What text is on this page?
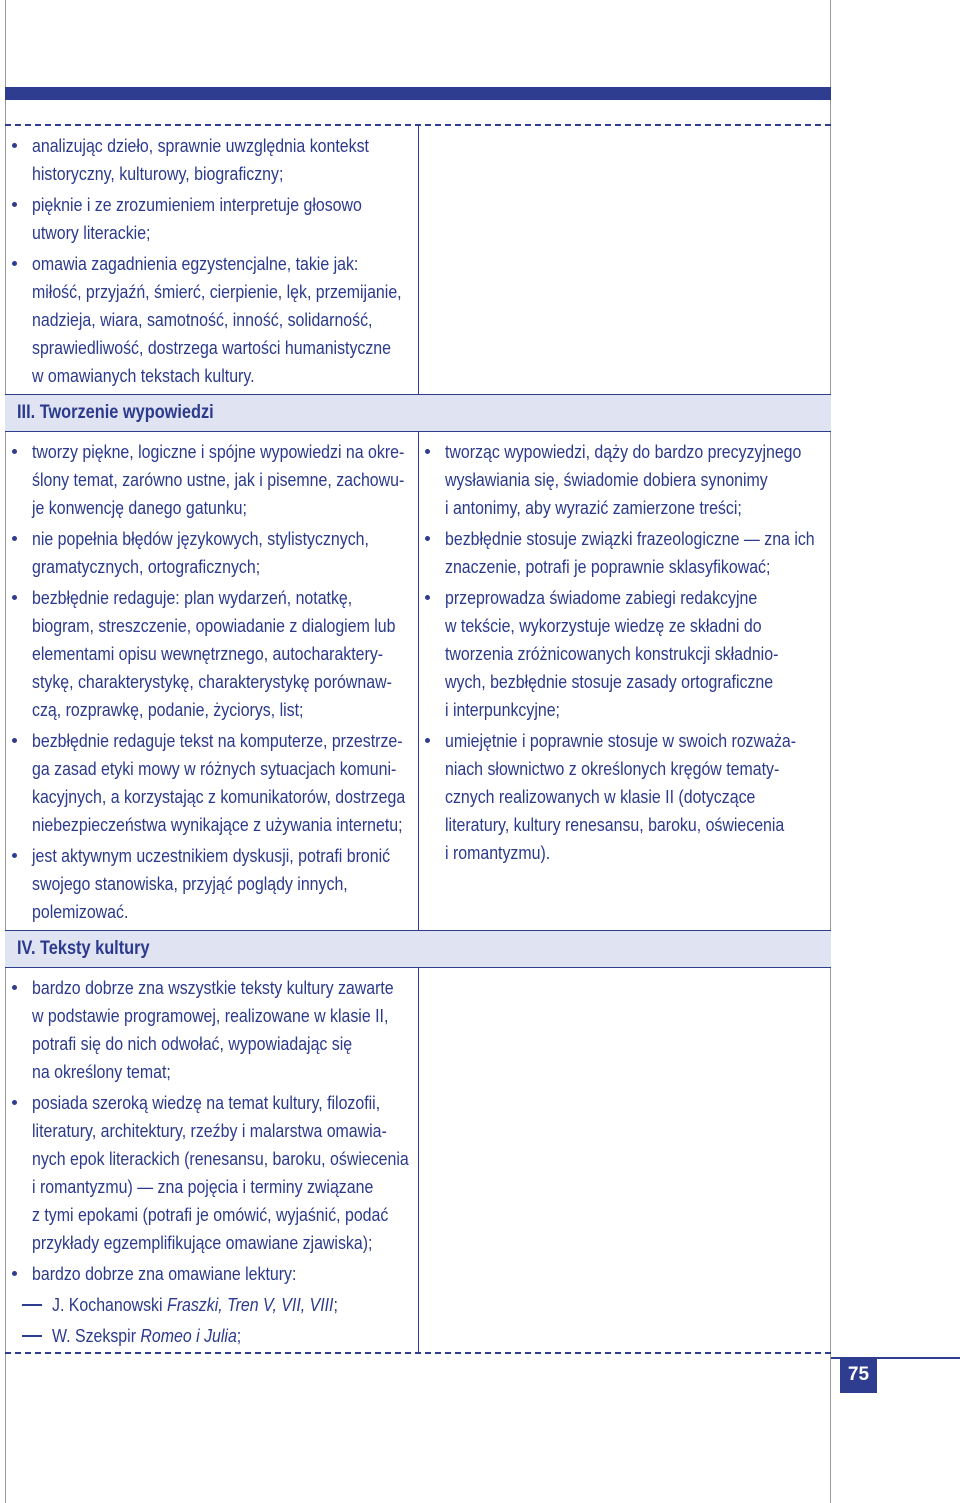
analizując dzieło, sprawnie uwzględnia kontekst
historyczny, kulturowy, biograficzny;
pięknie i ze zrozumieniem interpretuje głosowo
utwory literackie;
omawia zagadnienia egzystencjalne, takie jak:
miłość, przyjaźń, śmierć, cierpienie, lęk, przemijanie,
nadzieja, wiara, samotność, inność, solidarność,
sprawiedliwość, dostrzega wartości humanistyczne
w omawianych tekstach kultury.
III. Tworzenie wypowiedzi
tworzy piękne, logiczne i spójne wypowiedzi na okre-
ślony temat, zarówno ustne, jak i pisemne, zachowu-
je konwencję danego gatunku;
nie popełnia błędów językowych, stylistycznych,
gramatycznych, ortograficznych;
bezbłędnie redaguje: plan wydarzeń, notatkę,
biogram, streszczenie, opowiadanie z dialogiem lub
elementami opisu wewnętrznego, autocharaktery-
stykę, charakterystykę, charakterystykę porównaw-
czą, rozprawkę, podanie, życiorys, list;
bezbłędnie redaguje tekst na komputerze, przestrze-
ga zasad etyki mowy w różnych sytuacjach komuni-
kacyjnych, a korzystając z komunikatorów, dostrzega
niebezpieczeństwa wynikające z używania internetu;
jest aktywnym uczestnikiem dyskusji, potrafi bronić
swojego stanowiska, przyjąć poglądy innych,
polemizować.
tworząc wypowiedzi, dąży do bardzo precyzyjnego
wysławiania się, świadomie dobiera synonimy
i antonimy, aby wyrazić zamierzone treści;
bezbłędnie stosuje związki frazeologiczne — zna ich
znaczenie, potrafi je poprawnie sklasyfikować;
przeprowadza świadome zabiegi redakcyjne
w tekście, wykorzystuje wiedzę ze składni do
tworzenia zróżnicowanych konstrukcji składnio-
wych, bezbłędnie stosuje zasady ortograficzne
i interpunkcyjne;
umiejętnie i poprawnie stosuje w swoich rozważa-
niach słownictwo z określonych kręgów tematy-
cznych realizowanych w klasie II (dotyczące
literatury, kultury renesansu, baroku, oświecenia
i romantyzmu).
IV. Teksty kultury
bardzo dobrze zna wszystkie teksty kultury zawarte
w podstawie programowej, realizowane w klasie II,
potrafi się do nich odwołać, wypowiadając się
na określony temat;
posiada szeroką wiedzę na temat kultury, filozofii,
literatury, architektury, rzeźby i malarstwa omawia-
nych epok literackich (renesansu, baroku, oświecenia
i romantyzmu) — zna pojęcia i terminy związane
z tymi epokami (potrafi je omówić, wyjaśnić, podać
przykłady egzemplifikujące omawiane zjawiska);
bardzo dobrze zna omawiane lektury:
J. Kochanowski Fraszki, Tren V, VII, VIII;
W. Szekspir Romeo i Julia;
75
